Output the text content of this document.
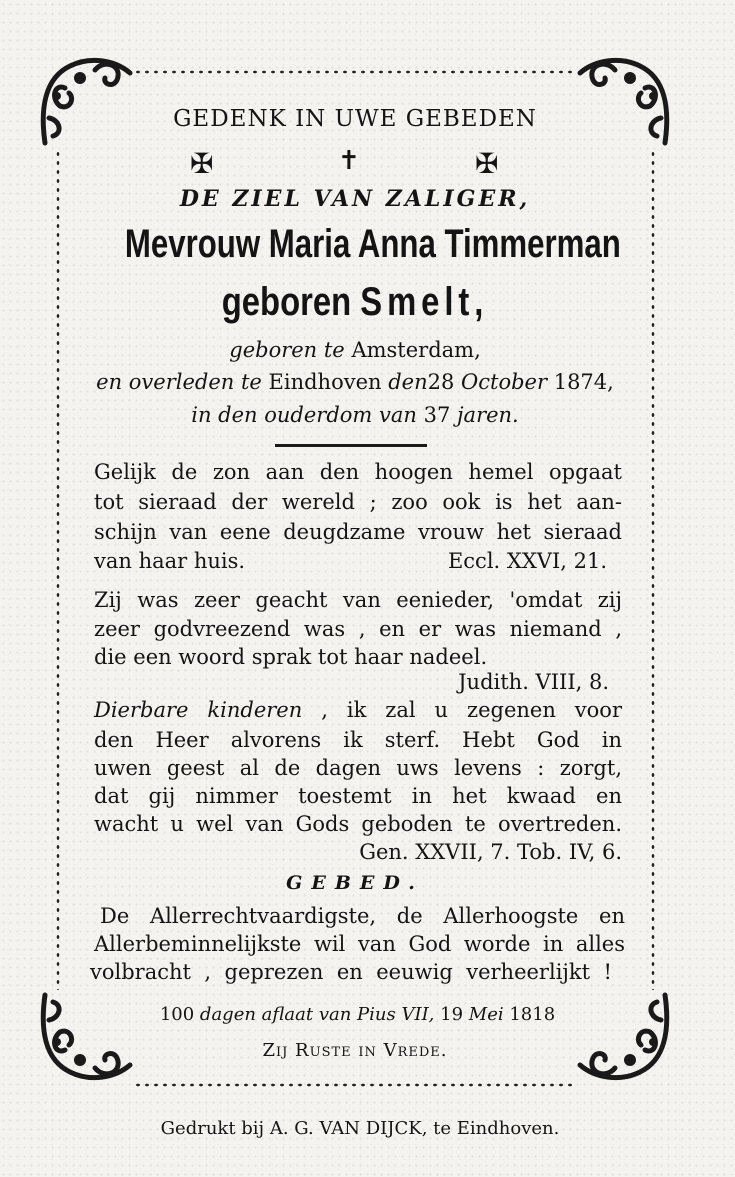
GEDENK IN UWE GEBEDEN
✠	✝	✠
DE ZIEL VAN ZALIGER,
Mevrouw Maria Anna Timmerman
geboren Smelt,
geboren te Amsterdam,
en overleden te Eindhoven den28 October 1874,
in den ouderdom van 37 jaren.
Gelijk de zon aan den hoogen hemel opgaat
tot sieraad der wereld ; zoo ook is het aan-
schijn van eene deugdzame vrouw het sieraad
van haar huis.	Eccl. XXVI, 21.
Zij was zeer geacht van eenieder, 'omdat zij
zeer godvreezend was , en er was niemand ,
die een woord sprak tot haar nadeel.
Judith. VIII, 8.
Dierbare kinderen , ik zal u zegenen voor
den Heer alvorens ik sterf. Hebt God in
uwen geest al de dagen uws levens : zorgt,
dat gij nimmer toestemt in het kwaad en
wacht u wel van Gods geboden te overtreden.
Gen. XXVII, 7. Tob. IV, 6.
GEBED.
De Allerrechtvaardigste, de Allerhoogste en
Allerbeminnelijkste wil van God worde in alles
volbracht , geprezen en eeuwig verheerlijkt !
100 dagen aflaat van Pius VII, 19 Mei 1818
Zij Ruste in Vrede.
Gedrukt bij A. G. VAN DIJCK, te Eindhoven.
